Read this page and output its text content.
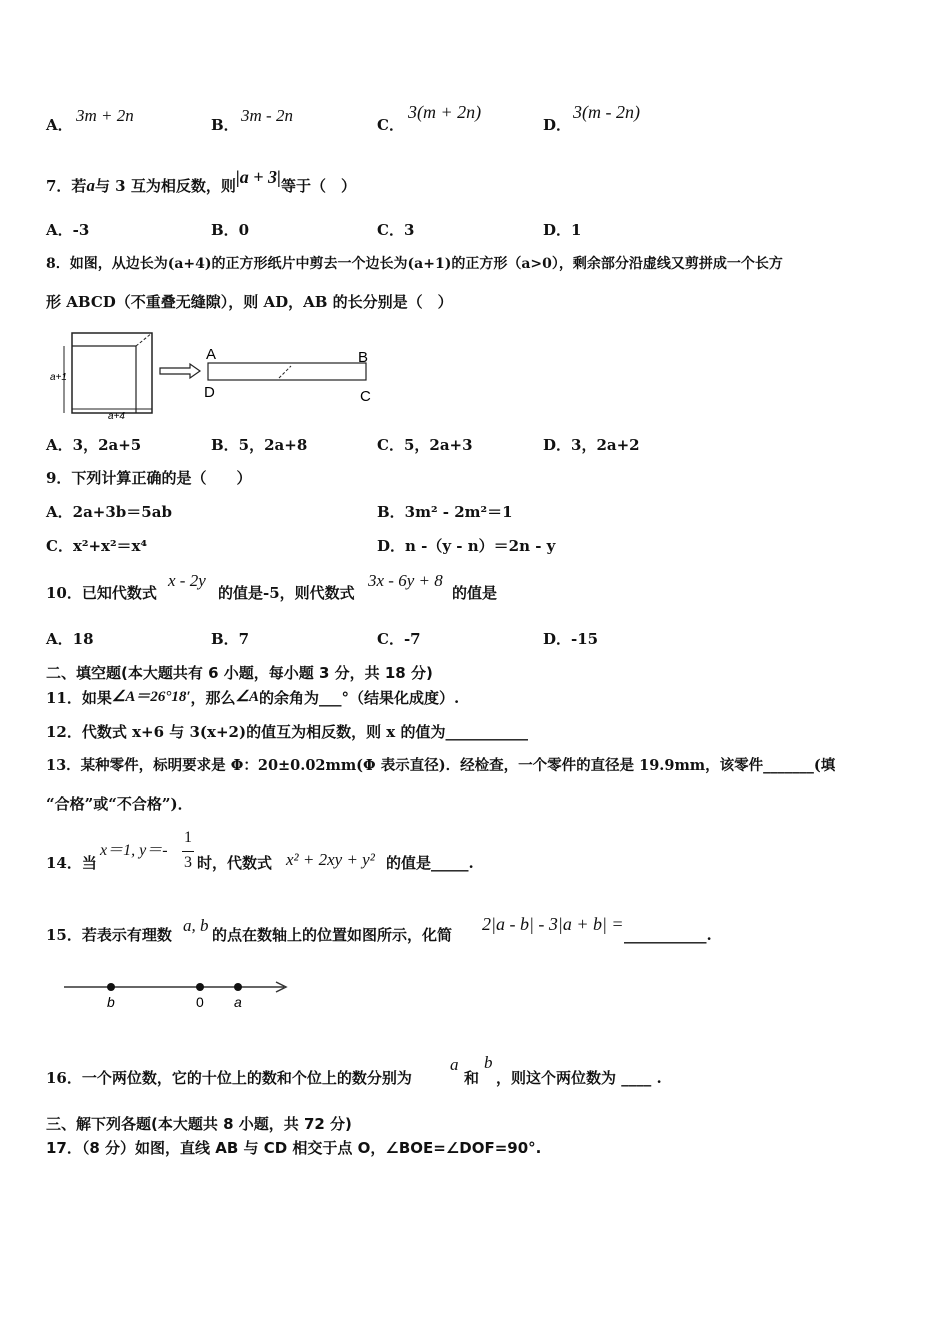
A． 3m + 2n	B． 3m - 2n	C．
3(m + 2n)
D．
3(m - 2n)
7．若a与 3 互为相反数，则|a + 3|等于（　）
A．-3	B．0	C．3	D．1
8．如图，从边长为(a+4)的正方形纸片中剪去一个边长为(a+1)的正方形（a>0），剩余部分沿虚线又剪拼成一个长方
形 ABCD（不重叠无缝隙），则 AD，AB 的长分别是（　）
a+1
a+4
A	B
C
D
A．3，2a+5	B．5，2a+8	C．5，2a+3	D．3，2a+2
9．下列计算正确的是（　　）
A．2a+3b＝5ab	B．3m² - 2m²＝1
C．x²+x²＝x⁴	D．n -（y - n）＝2n - y
10．已知代数式
x - 2y
的值是-5，则代数式
3x - 6y + 8
的值是
A．18	B．7	C．-7	D．-15
二、填空题(本大题共有 6 小题，每小题 3 分，共 18 分)
11．如果∠A＝26°18′，那么∠A的余角为___°（结果化成度）.
12．代数式 x+6 与 3(x+2)的值互为相反数，则 x 的值为___________
13．某种零件，标明要求是 Φ：20±0.02mm(Φ 表示直径)．经检查，一个零件的直径是 19.9mm，该零件_______(填
“合格”或“不合格”)．
14．当
x＝1, y＝-
1
3 时，代数式 x² + 2xy + y² 的值是_____.
15．若表示有理数 a, b 的点在数轴上的位置如图所示，化简
2|a - b| - 3|a + b| =
___________.
b	0 a
16．一个两位数，它的十位上的数和个位上的数分别为
a
和
b
，则这个两位数为 ____ .
三、解下列各题(本大题共 8 小题，共 72 分)
17．（8 分）如图，直线 AB 与 CD 相交于点 O，∠BOE=∠DOF=90°.
